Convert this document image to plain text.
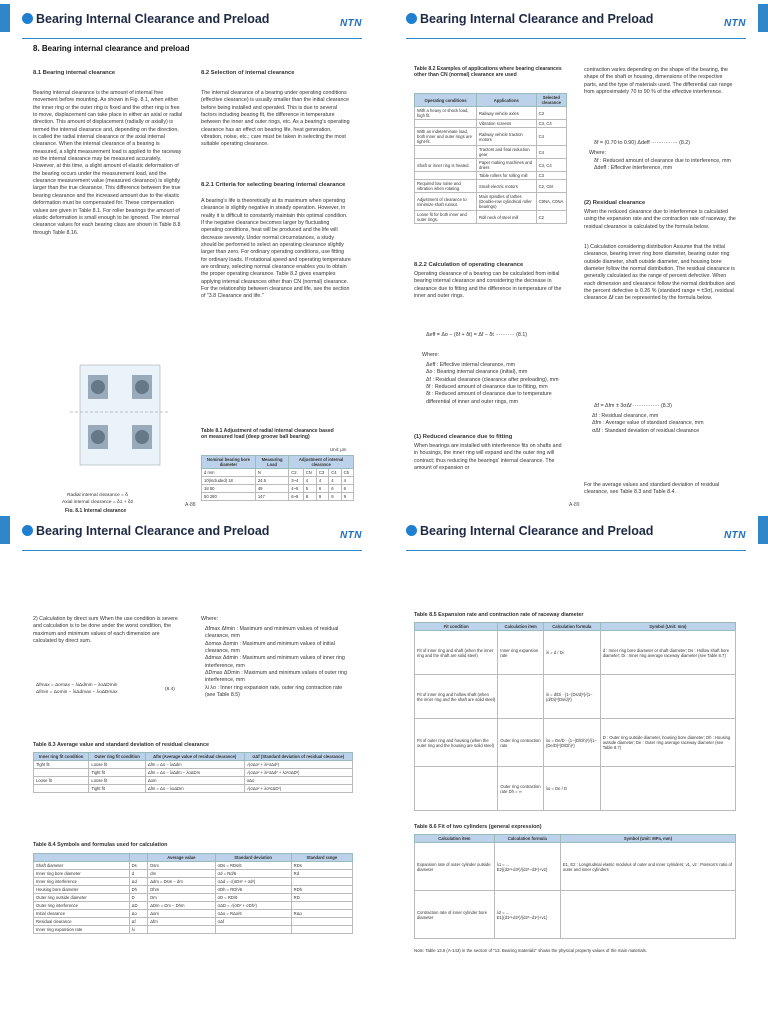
Bearing Internal Clearance and Preload	NTN
8. Bearing internal clearance and preload
8.1 Bearing internal clearance
Bearing internal clearance is the amount of internal free movement before mounting. As shown in Fig. 8.1, when either the inner ring or the outer ring is fixed and the other ring is free to move, displacement can take place in either an axial or radial direction. This amount of displacement (radially or axially) is termed the internal clearance and, depending on the direction, is called the radial internal clearance or the axial internal clearance. When the internal clearance of a bearing is measured, a slight measurement load is applied to the raceway so the internal clearance may be measured accurately. However, at this time, a slight amount of elastic deformation of the bearing occurs under the measurement load, and the clearance measurement value (measured clearance) is slightly larger than the true clearance. This difference between the true bearing clearance and the increased amount due to the elastic deformation must be compensated for. These compensation values are given in Table 8.1. For roller bearings the amount of elastic deformation is small enough to be ignored. The internal clearance values for each bearing class are shown in Table 8.8 through Table 8.16.
8.2 Selection of internal clearance
The internal clearance of a bearing under operating conditions (effective clearance) is usually smaller than the initial clearance before being installed and operated. This is due to several factors including bearing fit, the difference in temperature between the inner and outer rings, etc. As a bearing's operating clearance has an effect on bearing life, heat generation, vibration, noise, etc.; care must be taken in selecting the most suitable operating clearance.
8.2.1 Criteria for selecting bearing internal clearance
A bearing's life is theoretically at its maximum when operating clearance is slightly negative in steady operation. However, in reality it is difficult to constantly maintain this optimal condition. If the negative clearance becomes larger by fluctuating operating conditions, heat will be produced and the life will decrease severely. Under normal circumstances, a study should be performed to select an operating clearance slightly larger than zero. For ordinary operating conditions, use fitting for ordinary loads. If rotational speed and operating temperature are ordinary, selecting normal clearance enables you to obtain the proper operating clearance. Table 8.2 gives examples applying internal clearances other than CN (normal) clearance. For the relationship between clearance and life, see the section of "3.8 Clearance and life."
Radial internal clearance = δ
Axial internal clearance = δ1 + δ2
Fig. 8.1 Internal clearance
Table 8.1 Adjustment of radial internal clearance based on measured load (deep groove ball bearing)
Unit: μm
Nominal bearing bore diameter	Measuring Load	Adjustment of internal clearance				
d mm	N	C2	CN	C3	C4	C5
10(included) 18	24.5	3~4	4	4	4	4
18 50	49	4~5	5	6	6	6
50 280	147	6~8	8	9	9	9
A-88
Bearing Internal Clearance and Preload	NTN
Table 8.2 Examples of applications where bearing clearances other than CN (normal) clearance are used
Operating conditions	Applications	Selected clearance
With a heavy or shock load, high fit.	Railway vehicle axles	C3
	Vibration screens	C3, C4
With an indeterminate load, both inner and outer rings are tight-fit.	Railway vehicle traction motors	C4
	Tractors and final reduction gear	C4
Shaft or inner ring is heated.	Paper making machines and driers	C3, C4
	Table rollers for rolling mill	C3
Required low noise and vibration when rotating.	Small electric motors	C2, CM
Adjustment of clearance to minimize shaft runout.	Main spindles of lathes (Double-row cylindrical roller bearings)	C9NA, C0NA
Loose fit for both inner and outer rings.	Roll neck of steel mill	C2
8.2.2 Calculation of operating clearance
Operating clearance of a bearing can be calculated from initial bearing internal clearance and considering the decrease in clearance due to fitting and the difference in temperature of the inner and outer rings.
Δeff = Δo − (δf + δt) = Δf − δt ··········· (8.1)
Where:
Δeff : Effective internal clearance, mm
Δo : Bearing internal clearance (initial), mm
Δf : Residual clearance (clearance after preloading), mm
δf : Reduced amount of clearance due to fitting, mm
δt : Reduced amount of clearance due to temperature differential of inner and outer rings, mm
(1) Reduced clearance due to fitting
When bearings are installed with interference fits on shafts and in housings, the inner ring will expand and the outer ring will contract; thus reducing the bearings' internal clearance. The amount of expansion or
contraction varies depending on the shape of the bearing, the shape of the shaft or housing, dimensions of the respective parts, and the type of materials used. The differential can range from approximately 70 to 90 % of the effective interference.
δf = (0.70 to 0.90) Δdeff ··············· (8.2)
Where:
δf : Reduced amount of clearance due to interference, mm
Δdeff : Effective interference, mm
(2) Residual clearance
When the reduced clearance due to interference is calculated using the expansion rate and the contraction rate of raceway, the residual clearance is calculated by the formula below.
1) Calculation considering distribution Assume that the initial clearance, bearing inner ring bore diameter, bearing outer ring outside diameter, shaft outside diameter, and housing bore diameter follow the normal distribution. The residual clearance is generally calculated as the range of percent defective. When each dimension and clearance follow the normal distribution and the percent defective is 0.26 % (standard range = ±3σ), residual clearance Δf can be represented by the formula below.
Δf = Δfm ± 3σΔf ··············· (8.3)
Δf : Residual clearance, mm
Δfm : Average value of standard clearance, mm
σΔf : Standard deviation of residual clearance
For the average values and standard deviation of residual clearance, see Table 8.3 and Table 8.4.
A-89
Bearing Internal Clearance and Preload	NTN
2) Calculation by direct sum When the use condition is severe and calculation is to be done under the worst condition, the maximum and minimum values of each dimension are calculated by direct sum.
Δfmax = Δomax − λiΔdmin − λoΔDmin
Δfmin = Δomin − λiΔdmax − λoΔDmax
(8.4)
Where:
Δfmax Δfmin : Maximum and minimum values of residual clearance, mm
Δomax Δomin : Maximum and minimum values of initial clearance, mm
Δdmax Δdmin : Maximum and minimum values of inner ring interference, mm
ΔDmax ΔDmin : Maximum and minimum values of outer ring interference, mm
λi λo : Inner ring expansion rate, outer ring contraction rate (see Table 8.5)
Table 8.3 Average value and standard deviation of residual clearance
Inner ring fit condition	Outer ring fit condition	Δfm (Average value of residual clearance)	σΔf (Standard deviation of residual clearance)
Tight fit	Loose fit	Δfm = Δo − λiΔdm	√(σΔo² + λi²σΔd²)
	Tight fit	Δfm = Δo − λiΔdm − λoΔDm	√(σΔo² + λi²σΔd² + λo²σΔD²)
Loose fit	Loose fit	Δom	σΔo
	Tight fit	Δfm = Δo − λoΔDm	√(σΔo² + λo²σΔD²)
Table 8.4 Symbols and formulas used for calculation
		Average value	Standard deviation	Standard range
Shaft diameter	Ds	Dsm	σDs = RDs/6	RDs
Inner ring bore diameter	d	dm	σd = Rd/6	Rd
Inner ring interference	Δd	Δdm = Dsm − dm	σΔd = √(σDs² + σd²)	
Housing bore diameter	Dh	Dhm	σDh = RDh/6	RDh
Outer ring outside diameter	D	Dm	σD = RD/6	RD
Outer ring interference	ΔD	ΔDm = Dm − Dhm	σΔD = √(σD² + σDh²)	
Initial clearance	Δo	Δom	σΔo = RΔo/6	RΔo
Residual clearance	Δf	Δfm	σΔf	
Inner ring expansion rate	λi			
Bearing Internal Clearance and Preload	NTN
Table 8.5 Expansion rate and contraction rate of raceway diameter
Fit condition	Calculation item	Calculation formula	Symbol (Unit: mm)
Fit of inner ring and shaft (when the inner ring and the shaft are solid steel)	Inner ring expansion rate	λi = d / Di	d : Inner ring bore diameter or shaft diameter; Ds : Hollow shaft bore diameter; Di : Inner ring average raceway diameter (see Table 8.7)
Fit of inner ring and hollow shaft (when the inner ring and the shaft are solid steel)		λi = d/Di · {1−(Ds/d)²}/{1−(d/Di)²(Ds/d)²}	
Fit of outer ring and housing (when the outer ring and the housing are solid steel)	Outer ring contraction rate	λo = De/D · {1−(D/Dh)²}/{1−(De/D)²(D/Dh)²}	D : Outer ring outside diameter, housing bore diameter; Dh : Housing outside diameter; De : Outer ring average raceway diameter (see Table 8.7)
	Outer ring contraction rate Dh = ∞	λo = De / D	
Table 8.6 Fit of two cylinders (general expression)
Calculation item	Calculation formula	Symbol (Unit: MPa, mm)
Expansion rate of outer cylinder outside diameter	λ1 = ... E2{(d2²+d3²)/(d2²−d3²)+ν2}	E1, E2 : Longitudinal elastic modulus of outer and inner cylinders; ν1, ν2 : Poisson's ratio of outer and inner cylinders
Contraction rate of inner cylinder bore diameter	λ2 = ... E1{(d1²+d2²)/(d2²−d1²)+ν1}	
Note: Table 13.6 (A-143) in the section of "13. Bearing materials" shows the physical property values of the main materials.
